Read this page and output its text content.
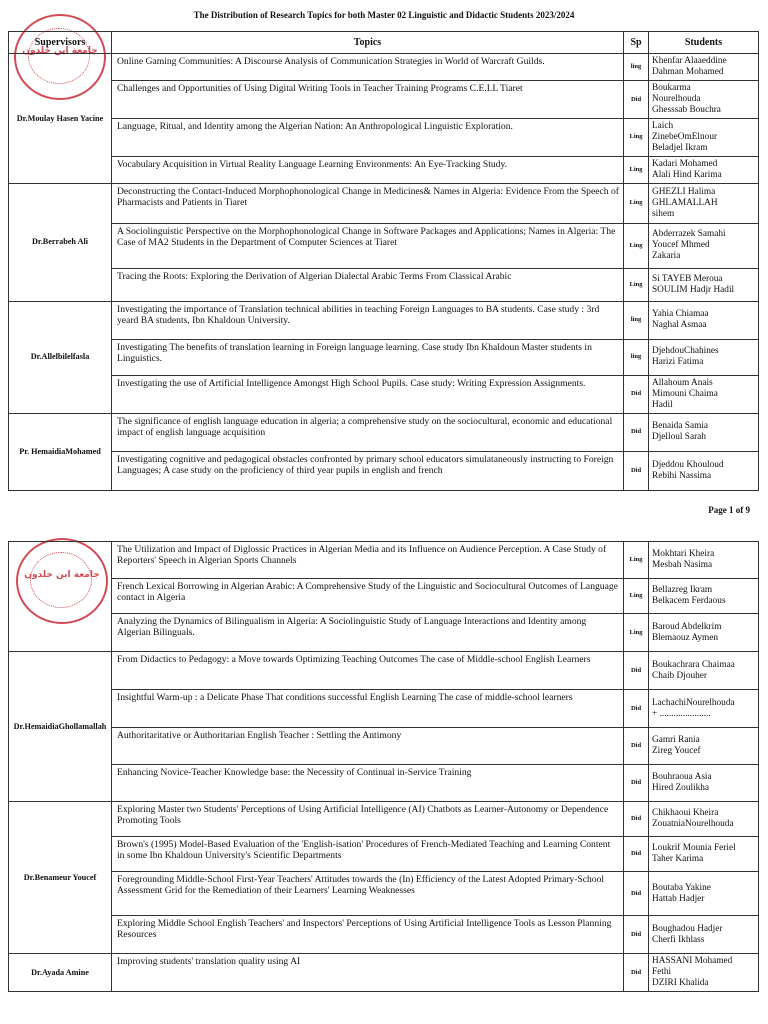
The Distribution of Research Topics for both Master 02 Linguistic and Didactic Students 2023/2024
جامعة ابن خلدون
Supervisors	Topics	Sp	Students
Dr.Moulay Hasen Yacine	Online Gaming Communities: A Discourse Analysis of Communication Strategies in World of Warcraft Guilds.	ling	Khenfar Alaaeddine
Dahman Mohamed

	Challenges and Opportunities of Using Digital Writing Tools in Teacher Training Programs C.E.I.L Tiaret	Did	Boukarma
Nourelhouda
Ghesssab Bouchra

	Language, Ritual, and Identity among the Algerian Nation: An Anthropological Linguistic Exploration.	Ling	Laich
ZinebeOmElnour
Beladjel Ikram

	Vocabulary Acquisition in Virtual Reality Language Learning Environments: An Eye-Tracking Study.	Ling	Kadari Mohamed
Alali Hind Karima

Dr.Berrabeh Ali	Deconstructing the Contact-Induced Morphophonological Change in Medicines& Names in Algeria: Evidence From the Speech of Pharmacists and Patients in Tiaret	Ling	GHEZLI Halima
GHLAMALLAH
sihem

	A Sociolinguistic Perspective on the Morphophonological Change in Software Packages and Applications; Names in Algeria: The Case of MA2 Students in the Department of Computer Sciences at Tiaret	Ling	Abderrazek Samahi
Youcef Mhmed
Zakaria

	Tracing the Roots: Exploring the Derivation of Algerian Dialectal Arabic Terms From Classical Arabic	Ling	Si TAYEB Meroua
SOULIM Hadjr Hadil

Dr.Allelbilelfasla	Investigating the importance of Translation technical abilities in teaching Foreign Languages to BA students. Case study : 3rd yeard BA students, Ibn Khaldoun University.	ling	Yahia Chiamaa
Naghal Asmaa

	Investigating The benefits of translation learning in Foreign language learning. Case study Ibn Khaldoun Master students in Linguistics.	ling	DjehdouChahines
Harizi Fatima

	Investigating the use of Artificial Intelligence Amongst High School Pupils. Case study: Writing Expression Assignments.	Did	Allahoum Anais
Mimouni Chaima
Hadil

Pr. HemaidiaMohamed	The significance of english language education in algeria; a comprehensive study on the sociocultural, economic and educational impact of english language acquisition	Did	Benaida Samia
Djelloul Sarah

	Investigating cognitive and pedagogical obstacles confronted by primary school educators simulataneously instructing to Foreign Languages; A case study on the proficiency of third year pupils in english and french	Did	Djeddou Khouloud
Rebihi Nassima
Page 1 of 9
جامعة ابن خلدون
	The Utilization and Impact of Diglossic Practices in Algerian Media and its Influence on Audience Perception. A Case Study of Reporters' Speech in Algerian Sports Channels	Ling	Mokhtari Kheira
Mesbah Nasima

	French Lexical Borrowing in Algerian Arabic: A Comprehensive Study of the Linguistic and Sociocultural Outcomes of Language contact in Algeria	Ling	Bellazreg Ikram
Belkacem Ferdaous

	Analyzing the Dynamics of Bilingualism in Algeria: A Sociolinguistic Study of Language Interactions and Identity among Algerian Bilinguals.	Ling	Baroud Abdelkrim
Blemaouz Aymen

Dr.HemaidiaGhollamallah	From Didactics to Pedagogy: a Move towards Optimizing Teaching Outcomes The case of Middle-school English Learners	Did	Boukachrara Chaimaa
Chaib Djouher

	Insightful Warm-up : a Delicate Phase That conditions successful English Learning The case of middle-school learners	Did	LachachiNourelhouda
+ ......................

	Authoritaritative or Authoritarian English Teacher : Settling the Antimony	Did	Gamri Rania
Zireg Youcef

	Enhancing Novice-Teacher Knowledge base: the Necessity of Continual in-Service Training	Did	Bouhraoua Asia
Hired Zoulikha

Dr.Benameur Youcef	Exploring Master two Students' Perceptions of Using Artificial Intelligence (AI) Chatbots as Learner-Autonomy or Dependence Promoting Tools	Did	Chikhaoui Kheira
ZouatniaNourelhouda

	Brown's (1995) Model-Based Evaluation of the 'English-isation' Procedures of French-Mediated Teaching and Learning Content in some Ibn Khaldoun University's Scientific Departments	Did	Loukrif Mounia Feriel
Taher Karima

	Foregrounding Middle-School First-Year Teachers' Attitudes towards the (In) Efficiency of the Latest Adopted Primary-School Assessment Grid for the Remediation of their Learners' Learning Weaknesses	Did	Boutaba Yakine
Hattab Hadjer

	Exploring Middle School English Teachers' and Inspectors' Perceptions of Using Artificial Intelligence Tools as Lesson Planning Resources	Did	Boughadou Hadjer
Cherfi Ikhlass

Dr.Ayada Amine	Improving students' translation quality using AI	Did	HASSANI Mohamed
Fethi
DZIRI Khalida
